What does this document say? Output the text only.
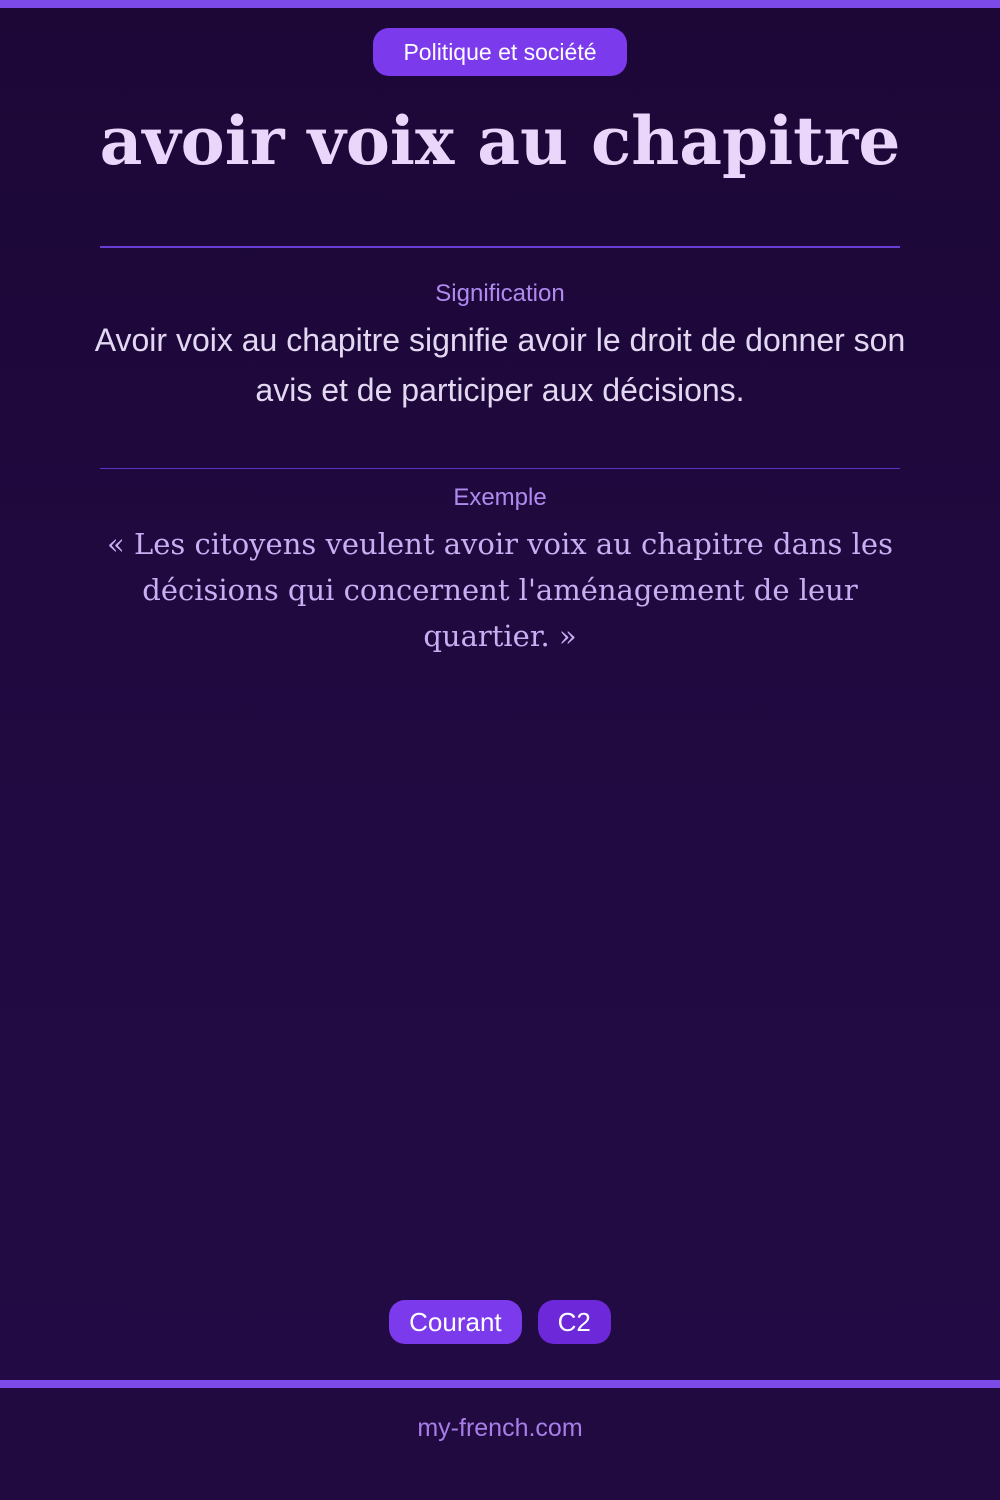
Politique et société
avoir voix au chapitre
Signification
Avoir voix au chapitre signifie avoir le droit de donner son avis et de participer aux décisions.
Exemple
« Les citoyens veulent avoir voix au chapitre dans les décisions qui concernent l'aménagement de leur quartier. »
Courant	C2
my-french.com
